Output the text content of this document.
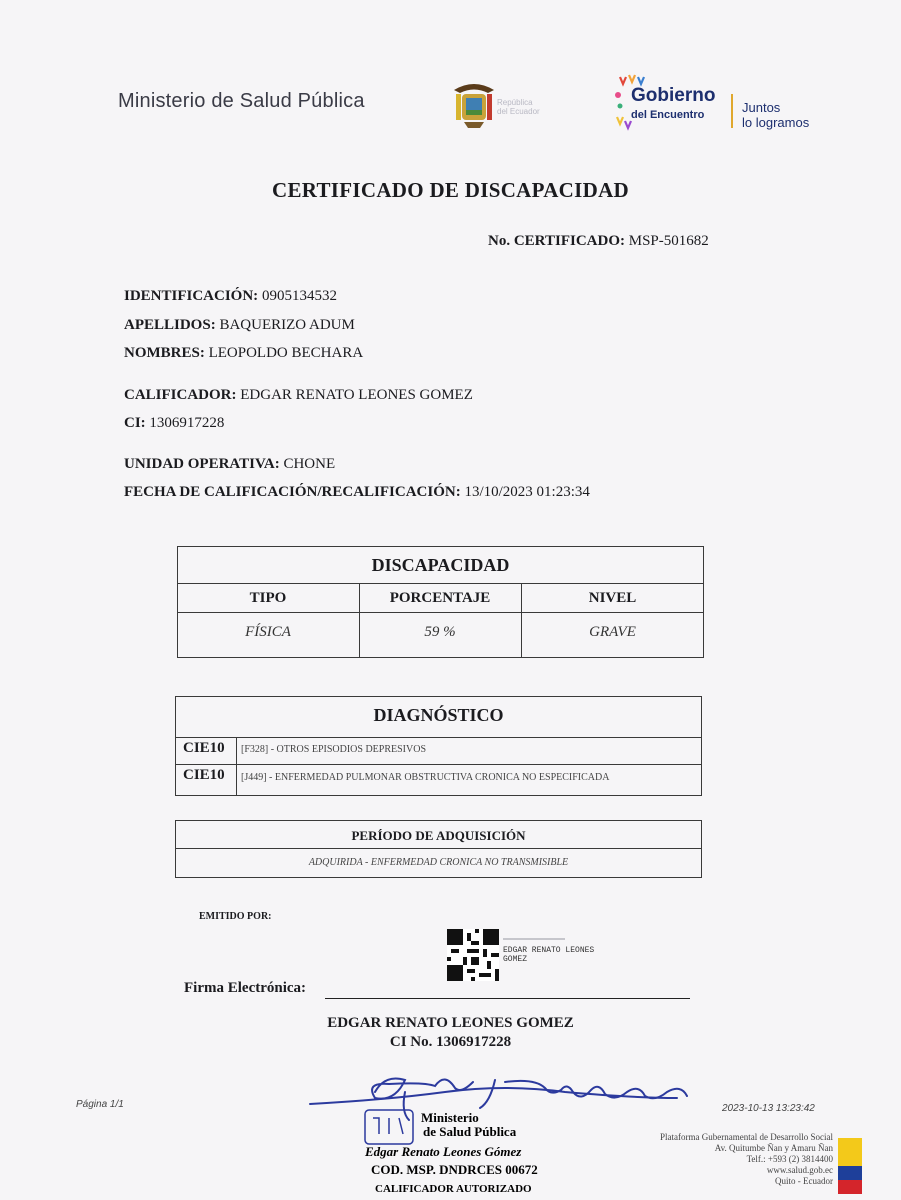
Ministerio de Salud Pública	República
del Ecuador
Gobierno
del Encuentro	Juntos
lo logramos
CERTIFICADO DE DISCAPACIDAD
No. CERTIFICADO: MSP-501682
IDENTIFICACIÓN: 0905134532
APELLIDOS: BAQUERIZO ADUM
NOMBRES: LEOPOLDO BECHARA
CALIFICADOR: EDGAR RENATO LEONES GOMEZ
CI: 1306917228
UNIDAD OPERATIVA: CHONE
FECHA DE CALIFICACIÓN/RECALIFICACIÓN: 13/10/2023 01:23:34
DISCAPACIDAD
TIPO	PORCENTAJE	NIVEL
FÍSICA	59 %	GRAVE
DIAGNÓSTICO
CIE10 [F328] - OTROS EPISODIOS DEPRESIVOS
CIE10 [J449] - ENFERMEDAD PULMONAR OBSTRUCTIVA CRONICA NO ESPECIFICADA
PERÍODO DE ADQUISICIÓN
ADQUIRIDA - ENFERMEDAD CRONICA NO TRANSMISIBLE
EMITIDO POR:
EDGAR RENATO LEONES
GOMEZ
Firma Electrónica:
EDGAR RENATO LEONES GOMEZ
CI No. 1306917228
Página 1/1	2023-10-13 13:23:42
Ministerio
de Salud Pública
Edgar Renato Leones Gómez
COD. MSP. DNDRCES 00672
CALIFICADOR AUTORIZADO
Plataforma Gubernamental de Desarrollo Social
Av. Quitumbe Ñan y Amaru Ñan
Telf.: +593 (2) 3814400
www.salud.gob.ec
Quito - Ecuador
